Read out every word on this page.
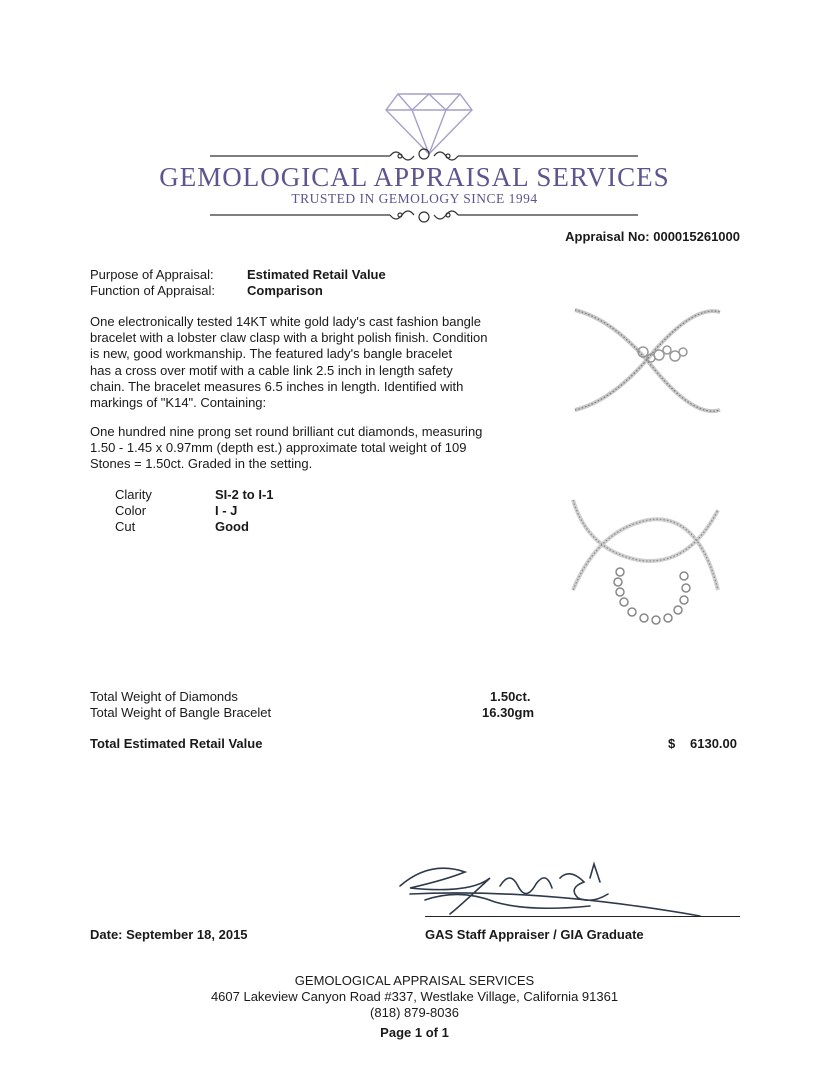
GEMOLOGICAL APPRAISAL SERVICES
TRUSTED IN GEMOLOGY SINCE 1994
Appraisal No: 000015261000
Purpose of Appraisal:	Estimated Retail Value
Function of Appraisal: Comparison
One electronically tested 14KT white gold lady's cast fashion bangle
bracelet with a lobster claw clasp with a bright polish finish. Condition
is new, good workmanship. The featured lady's bangle bracelet
has a cross over motif with a cable link 2.5 inch in length safety
chain. The bracelet measures 6.5 inches in length. Identified with
markings of "K14". Containing:
One hundred nine prong set round brilliant cut diamonds, measuring
1.50 - 1.45 x 0.97mm (depth est.) approximate total weight of 109
Stones = 1.50ct. Graded in the setting.
Clarity	SI-2 to I-1
Color	I - J
Cut	Good
Total Weight of Diamonds	1.50ct.
Total Weight of Bangle Bracelet	16.30gm
Total Estimated Retail Value	$ 6130.00
Date: September 18, 2015	GAS Staff Appraiser / GIA Graduate
GEMOLOGICAL APPRAISAL SERVICES
4607 Lakeview Canyon Road #337, Westlake Village, California 91361
(818) 879-8036
Page 1 of 1
